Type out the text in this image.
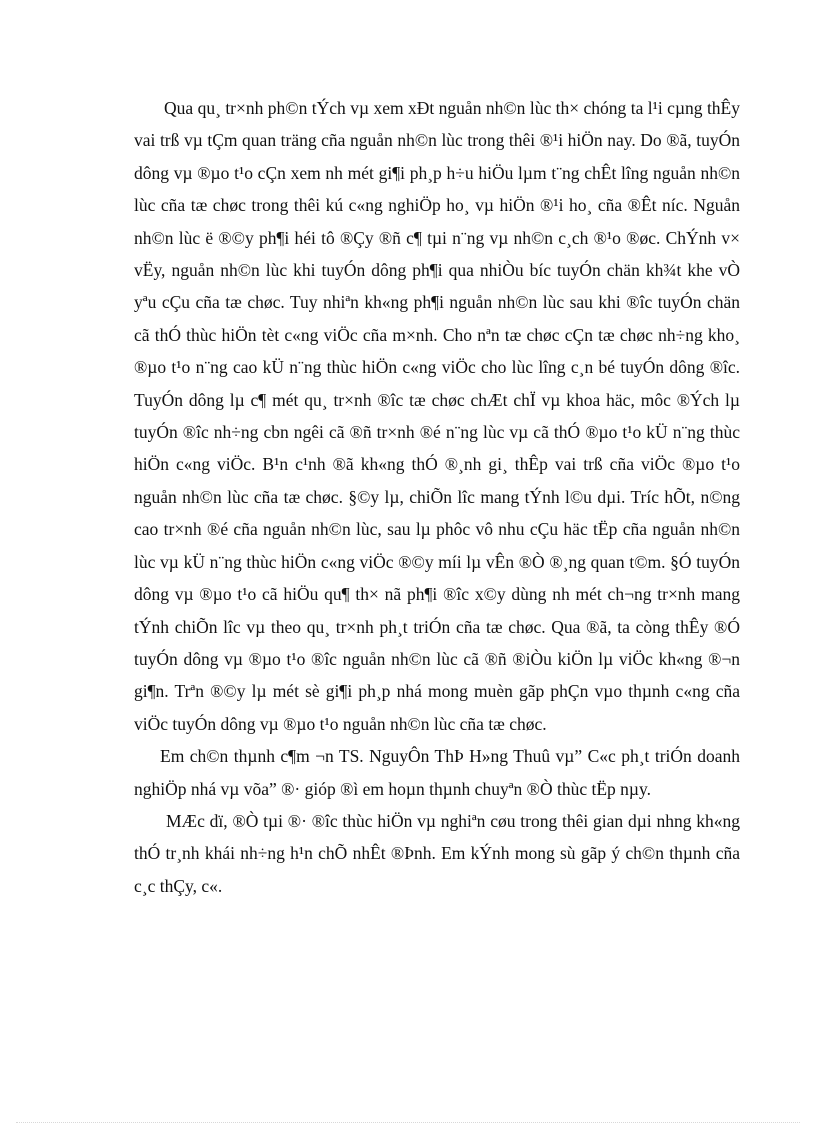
Qua qu¸ tr×nh ph©n tÝch vµ xem xÐt nguån nh©n lùc th× chóng ta l¹i cµng thÊy vai trß vµ tÇm quan träng cña nguån nh©n lùc trong thêi ®¹i hiÖn nay. Do ®ã, tuyÓn dông vµ ®µo t¹o cÇn xem nh mét gi¶i ph¸p h÷u hiÖu lµm t¨ng chÊt lîng nguån nh©n lùc cña tæ chøc trong thêi kú c«ng nghiÖp ho¸ vµ hiÖn ®¹i ho¸ cña ®Êt níc. Nguån nh©n lùc ë ®©y ph¶i héi tô ®Çy ®ñ c¶ tµi n¨ng vµ nh©n c¸ch ®¹o ®øc. ChÝnh v× vËy, nguån nh©n lùc khi tuyÓn dông ph¶i qua nhiÒu bíc tuyÓn chän kh¾t khe vÒ yªu cÇu cña tæ chøc. Tuy nhiªn kh«ng ph¶i nguån nh©n lùc sau khi ®îc tuyÓn chän cã thÓ thùc hiÖn tèt c«ng viÖc cña m×nh. Cho nªn tæ chøc cÇn tæ chøc nh÷ng kho¸ ®µo t¹o n¨ng cao kÜ n¨ng thùc hiÖn c«ng viÖc cho lùc lîng c¸n bé tuyÓn dông ®îc. TuyÓn dông lµ c¶ mét qu¸ tr×nh ®îc tæ chøc chÆt chÏ vµ khoa häc, môc ®Ých lµ tuyÓn ®îc nh÷ng cbn ngêi cã ®ñ tr×nh ®é n¨ng lùc vµ cã thÓ ®µo t¹o kÜ n¨ng thùc hiÖn c«ng viÖc. B¹n c¹nh ®ã kh«ng thÓ ®¸nh gi¸ thÊp vai trß cña viÖc ®µo t¹o nguån nh©n lùc cña tæ chøc. §©y lµ, chiÕn lîc mang tÝnh l©u dµi. Tríc hÕt, n©ng cao tr×nh ®é cña nguån nh©n lùc, sau lµ phôc vô nhu cÇu häc tËp cña nguån nh©n lùc vµ kÜ n¨ng thùc hiÖn c«ng viÖc ®©y míi lµ vÊn ®Ò ®¸ng quan t©m. §Ó tuyÓn dông vµ ®µo t¹o cã hiÖu qu¶ th× nã ph¶i ®îc x©y dùng nh mét ch¬ng tr×nh mang tÝnh chiÕn lîc vµ theo qu¸ tr×nh ph¸t triÓn cña tæ chøc. Qua ®ã, ta còng thÊy ®Ó tuyÓn dông vµ ®µo t¹o ®îc nguån nh©n lùc cã ®ñ ®iÒu kiÖn lµ viÖc kh«ng ®¬n gi¶n. Trªn ®©y lµ mét sè gi¶i ph¸p nhá mong muèn gãp phÇn vµo thµnh c«ng cña viÖc tuyÓn dông vµ ®µo t¹o nguån nh©n lùc cña tæ chøc.

Em ch©n thµnh c¶m ¬n TS. NguyÔn ThÞ H»ng Thuû vµ” C«c ph¸t triÓn doanh nghiÖp nhá vµ võa” ®· gióp ®ì em hoµn thµnh chuyªn ®Ò thùc tËp nµy.

MÆc dï, ®Ò tµi ®· ®îc thùc hiÖn vµ nghiªn cøu trong thêi gian dµi nhng kh«ng thÓ tr¸nh khái nh÷ng h¹n chÕ nhÊt ®Þnh. Em kÝnh mong sù gãp ý ch©n thµnh cña c¸c thÇy, c«.
